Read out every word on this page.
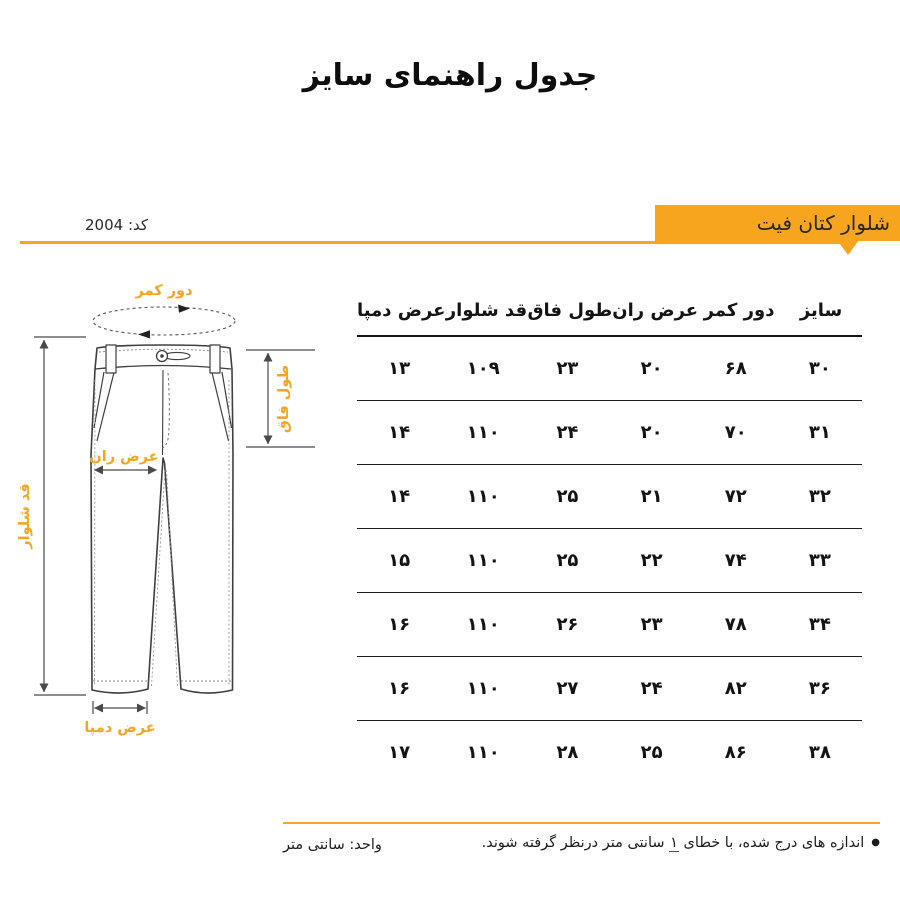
جدول راهنمای سایز
شلوار کتان فیت
کد: 2004
دور کمر
قد شلوار
طول فاق
عرض ران
عرض دمپا
سایز
دور کمر
عرض ران
طول فاق
قد شلوار
عرض دمپا
۳۰
۶۸
۲۰
۲۳
۱۰۹
۱۳
۳۱
۷۰
۲۰
۲۴
۱۱۰
۱۴
۳۲
۷۲
۲۱
۲۵
۱۱۰
۱۴
۳۳
۷۴
۲۲
۲۵
۱۱۰
۱۵
۳۴
۷۸
۲۳
۲۶
۱۱۰
۱۶
۳۶
۸۲
۲۴
۲۷
۱۱۰
۱۶
۳۸
۸۶
۲۵
۲۸
۱۱۰
۱۷
●اندازه های درج شده، با خطای ۱ سانتی متر درنظر گرفته شوند.
واحد: سانتی متر
